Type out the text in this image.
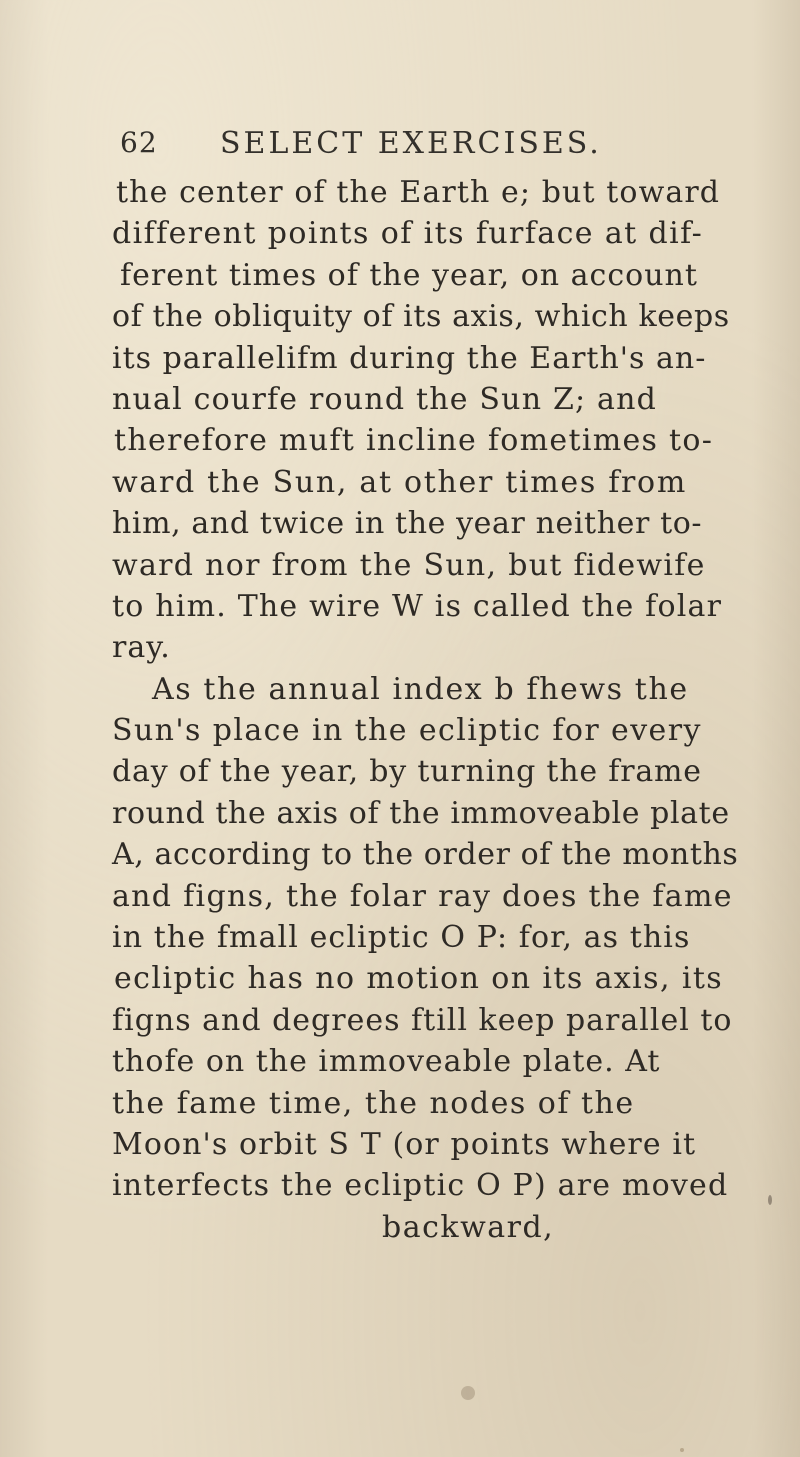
62 SELECT EXERCISES.
the center of the Earth e; but toward
different points of its furface at dif-
ferent times of the year, on account
of the obliquity of its axis, which keeps
its parallelifm during the Earth's an-
nual courfe round the Sun Z; and
therefore muft incline fometimes to-
ward the Sun, at other times from
him, and twice in the year neither to-
ward nor from the Sun, but fidewife
to him. The wire W is called the folar
ray.
As the annual index b fhews the
Sun's place in the ecliptic for every
day of the year, by turning the frame
round the axis of the immoveable plate
A, according to the order of the months
and figns, the folar ray does the fame
in the fmall ecliptic O P: for, as this
ecliptic has no motion on its axis, its
figns and degrees ftill keep parallel to
thofe on the immoveable plate. At
the fame time, the nodes of the
Moon's orbit S T (or points where it
interfects the ecliptic O P) are moved
backward,
